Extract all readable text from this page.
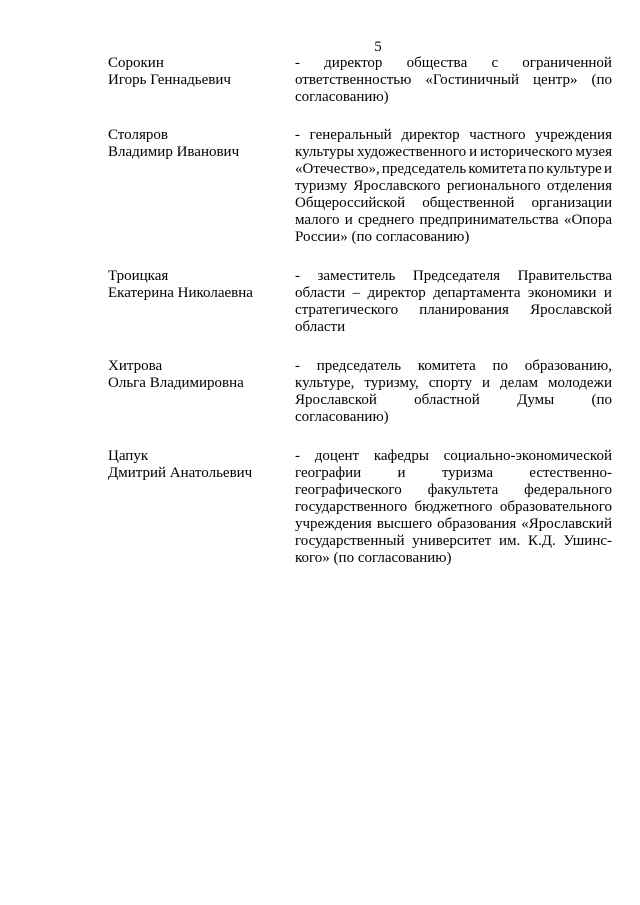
5
Сорокин
Игорь Геннадьевич
- директор обществa с ограниченной
ответственностью «Гостиничный центр» (по
согласованию)
Столяров
Владимир Иванович
- генеральный директор частного учреждения
культуры художественного и исторического музея
«Отечество», председатель комитета по культуре и
туризму Ярославского регионального отделения
Общероссийской общественной организации
малого и среднего предпринимательства «Опора
России» (по согласованию)
Троицкая
Екатерина Николаевна
- заместитель Председателя Правительства
области – директор департамента экономики и
стратегического планирования Ярославской
области
Хитрова
Ольга Владимировна
- председатель комитета по образованию,
культуре, туризму, спорту и делам молодежи
Ярославской областной Думы (по
согласованию)
Цапук
Дмитрий Анатольевич
- доцент кафедры социально-экономической
географии и туризма естественно-
географического факультета федерального
государственного бюджетного образовательного
учреждения высшего образования «Ярославский
государственный университет им. К.Д. Ушинс-
кого» (по согласованию)
